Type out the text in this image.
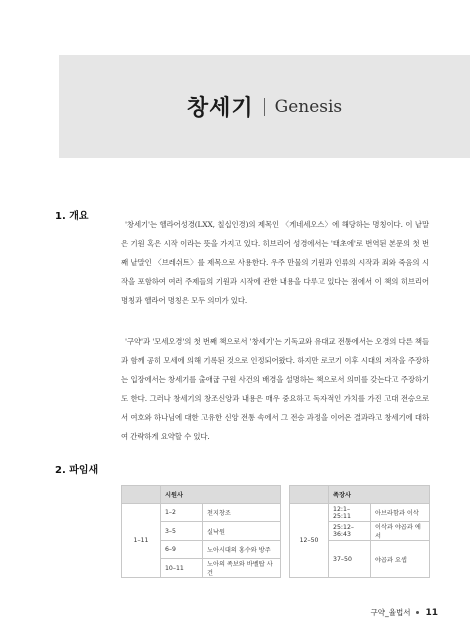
창세기 Genesis
1. 개요

'창세기'는 헬라어성경(LXX, 칠십인경)의 제목인 〈게네세오스〉에 해당하는 명칭이다. 이 낱말은 기원 혹은 시작 이라는 뜻을 가지고 있다. 히브리어 성경에서는 '태초에'로 번역된 본문의 첫 번째 낱말인 〈브레쉬트〉를 제목으로 사용한다. 우주 만물의 기원과 인류의 시작과 죄와 죽음의 시작을 포함하여 여러 주제들의 기원과 시작에 관한 내용을 다루고 있다는 점에서 이 책의 히브리어 명칭과 헬라어 명칭은 모두 의미가 있다.

'구약'과 '모세오경'의 첫 번째 책으로서 '창세기'는 기독교와 유대교 전통에서는 오경의 다른 책들과 함께 공히 모세에 의해 기록된 것으로 인정되어왔다. 하지만 로코기 이후 시대의 저작을 주장하는 입장에서는 창세기를 출애굽 구원 사건의 배경을 설명하는 책으로서 의미를 갖는다고 주장하기도 한다. 그러나 창세기의 창조신앙과 내용은 매우 중요하고 독자적인 가치를 가진 고대 전승으로서 여호와 하나님에 대한 고유한 신앙 전통 속에서 그 전승 과정을 이어온 결과라고 창세기에 대하여 간략하게 요약할 수 있다.

2. 파임새
	시원사				족장사	
1–11	1–2	천지창조		12–50	12:1–25:11	아브라함과 이삭
	3–5	실낙원			25:12–36:43	이삭과 야곱과 에서
	6–9	노아시대의 홍수와 방주			37–50	야곱과 요셉
	10–11	노아의 족보와 바벨탑 사건				
구약_율법서 11
